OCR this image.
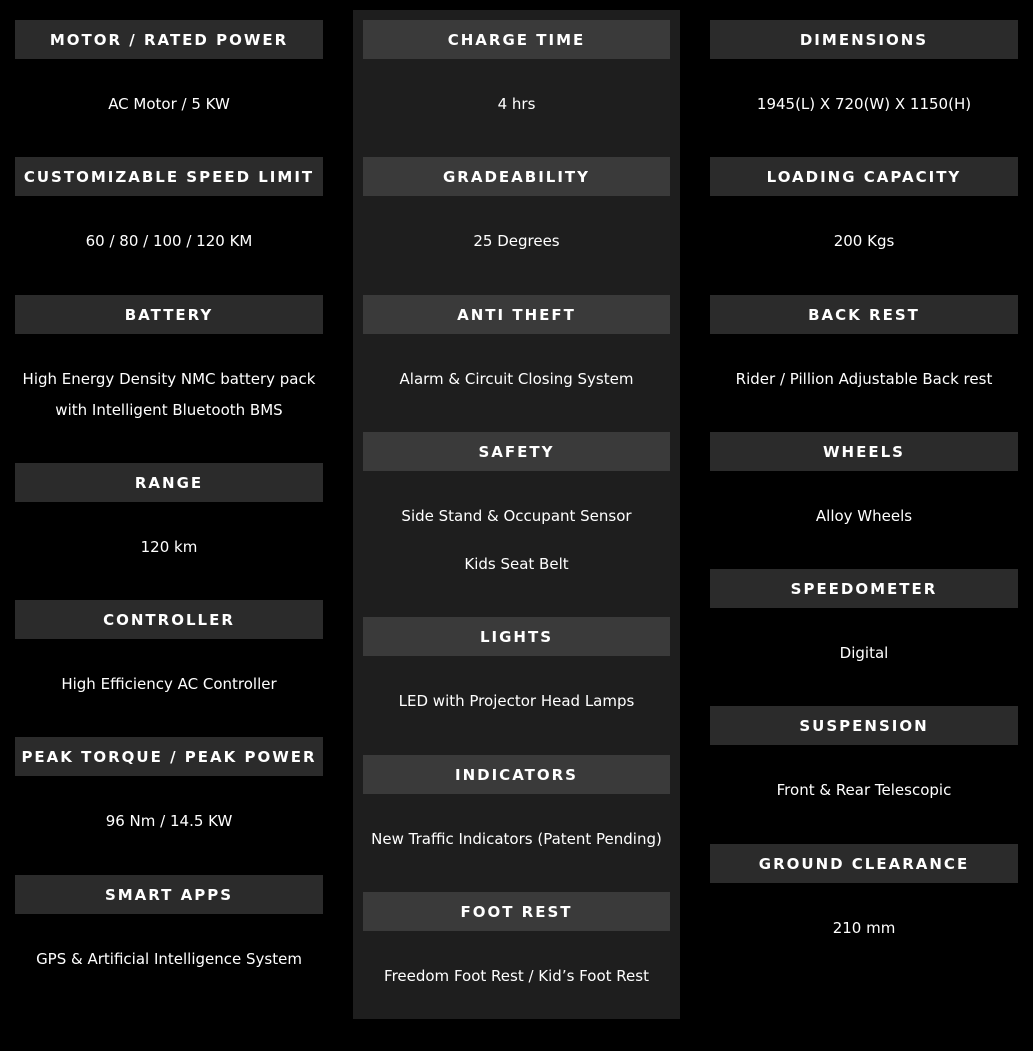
MOTOR / RATED POWER
AC Motor / 5 KW
CUSTOMIZABLE SPEED LIMIT
60 / 80 / 100 / 120 KM
BATTERY
High Energy Density NMC battery pack
with Intelligent Bluetooth BMS
RANGE
120 km
CONTROLLER
High Efficiency AC Controller
PEAK TORQUE / PEAK POWER
96 Nm / 14.5 KW
SMART APPS
GPS & Artificial Intelligence System
CHARGE TIME
4 hrs
GRADEABILITY
25 Degrees
ANTI THEFT
Alarm & Circuit Closing System
SAFETY
Side Stand & Occupant Sensor
Kids Seat Belt
LIGHTS
LED with Projector Head Lamps
INDICATORS
New Traffic Indicators (Patent Pending)
FOOT REST
Freedom Foot Rest / Kid’s Foot Rest
DIMENSIONS
1945(L) X 720(W) X 1150(H)
LOADING CAPACITY
200 Kgs
BACK REST
Rider / Pillion Adjustable Back rest
WHEELS
Alloy Wheels
SPEEDOMETER
Digital
SUSPENSION
Front & Rear Telescopic
GROUND CLEARANCE
210 mm
